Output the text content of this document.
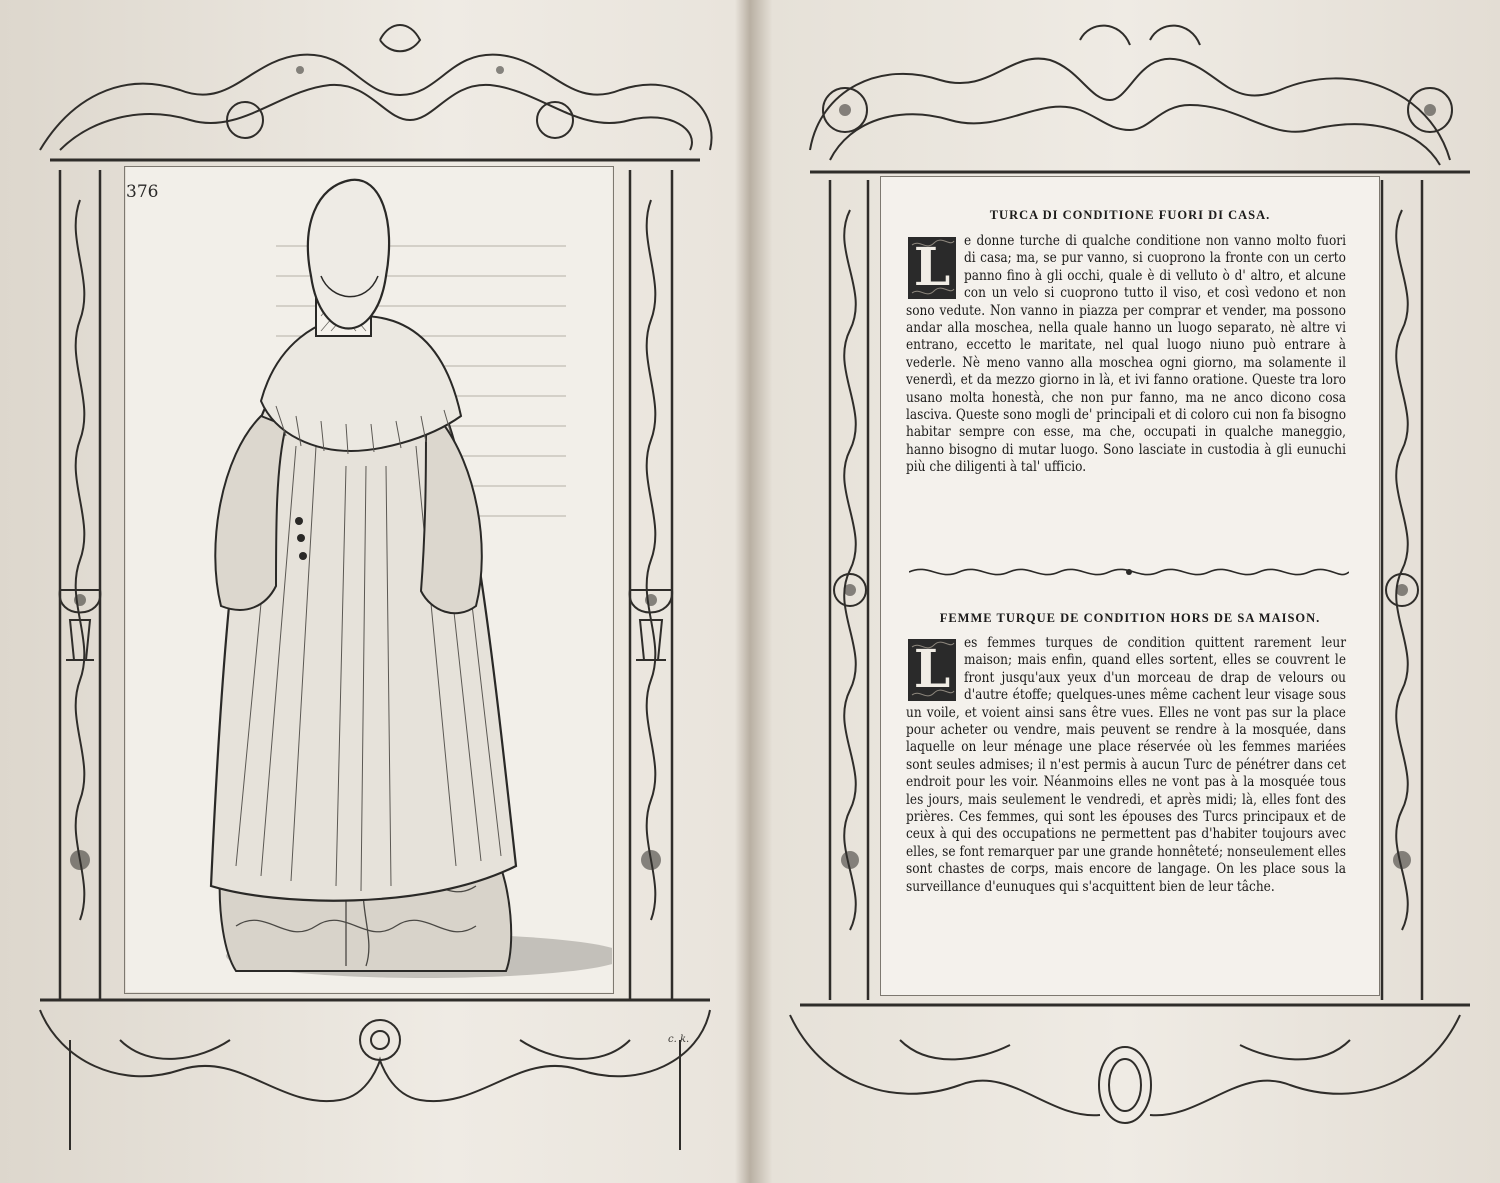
376

c. k.

TURCA DI CONDITIONE FUORI DI CASA.

L	e donne turche di qualche conditione non vanno molto fuori di casa; ma, se pur vanno, si cuoprono la fronte con un certo panno fino à gli occhi, quale è di velluto ò d' altro, et alcune con un velo si cuoprono tutto il viso, et così vedono et non sono vedute. Non vanno in piazza per comprar et vender, ma possono andar alla moschea, nella quale hanno un luogo separato, nè altre vi entrano, eccetto le maritate, nel qual luogo niuno può entrare à vederle. Nè meno vanno alla moschea ogni giorno, ma solamente il venerdì, et da mezzo giorno in là, et ivi fanno oratione. Queste tra loro usano molta honestà, che non pur fanno, ma ne anco dicono cosa lasciva. Queste sono mogli de' principali et di coloro cui non fa bisogno habitar sempre con esse, ma che, occupati in qualche maneggio, hanno bisogno di mutar luogo. Sono lasciate in custodia à gli eunuchi più che diligenti à tal' ufficio.

FEMME TURQUE DE CONDITION HORS DE SA MAISON.

L	es femmes turques de condition quittent rarement leur maison; mais enfin, quand elles sortent, elles se couvrent le front jusqu'aux yeux d'un morceau de drap de velours ou d'autre étoffe; quelques-unes même cachent leur visage sous un voile, et voient ainsi sans être vues. Elles ne vont pas sur la place pour acheter ou vendre, mais peuvent se rendre à la mosquée, dans laquelle on leur ménage une place réservée où les femmes mariées sont seules admises; il n'est permis à aucun Turc de pénétrer dans cet endroit pour les voir. Néanmoins elles ne vont pas à la mosquée tous les jours, mais seulement le vendredi, et après midi; là, elles font des prières. Ces femmes, qui sont les épouses des Turcs principaux et de ceux à qui des occupations ne permettent pas d'habiter toujours avec elles, se font remarquer par une grande honnêteté; nonseulement elles sont chastes de corps, mais encore de langage. On les place sous la surveillance d'eunuques qui s'acquittent bien de leur tâche.
